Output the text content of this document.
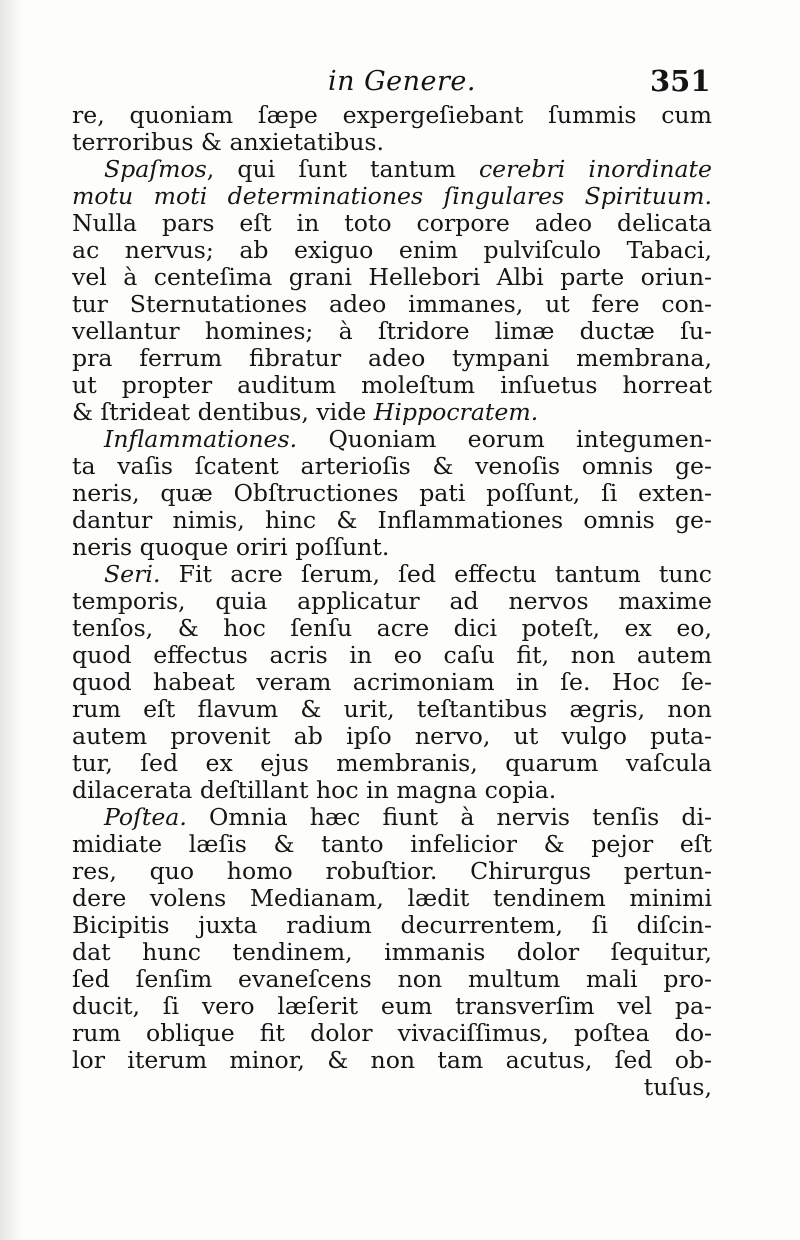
in Genere.	351
re, quoniam ſæpe expergeſiebant ſummis cum
terroribus & anxietatibus.
Spaſmos, qui ſunt tantum cerebri inordinate
motu moti determinationes ſingulares Spirituum.
Nulla pars eſt in toto corpore adeo delicata
ac nervus; ab exiguo enim pulviſculo Tabaci,
vel à centeſima grani Hellebori Albi parte oriun-
tur Sternutationes adeo immanes, ut fere con-
vellantur homines; à ſtridore limæ ductæ ſu-
pra ferrum fibratur adeo tympani membrana,
ut propter auditum moleſtum inſuetus horreat
& ſtrideat dentibus, vide Hippocratem.
Inflammationes. Quoniam eorum integumen-
ta vaſis ſcatent arterioſis & venoſis omnis ge-
neris, quæ Obſtructiones pati poſſunt, ſi exten-
dantur nimis, hinc & Inflammationes omnis ge-
neris quoque oriri poſſunt.
Seri. Fit acre ſerum, ſed effectu tantum tunc
temporis, quia applicatur ad nervos maxime
tenſos, & hoc ſenſu acre dici poteſt, ex eo,
quod effectus acris in eo caſu fit, non autem
quod habeat veram acrimoniam in ſe. Hoc ſe-
rum eſt flavum & urit, teſtantibus ægris, non
autem provenit ab ipſo nervo, ut vulgo puta-
tur, ſed ex ejus membranis, quarum vaſcula
dilacerata deſtillant hoc in magna copia.
Poſtea. Omnia hæc fiunt à nervis tenſis di-
midiate læſis & tanto infelicior & pejor eſt
res, quo homo robuſtior. Chirurgus pertun-
dere volens Medianam, lædit tendinem minimi
Bicipitis juxta radium decurrentem, ſi diſcin-
dat hunc tendinem, immanis dolor ſequitur,
ſed ſenſim evaneſcens non multum mali pro-
ducit, ſi vero læſerit eum transverſim vel pa-
rum oblique fit dolor vivaciſſimus, poſtea do-
lor iterum minor, & non tam acutus, ſed ob-
tuſus,
